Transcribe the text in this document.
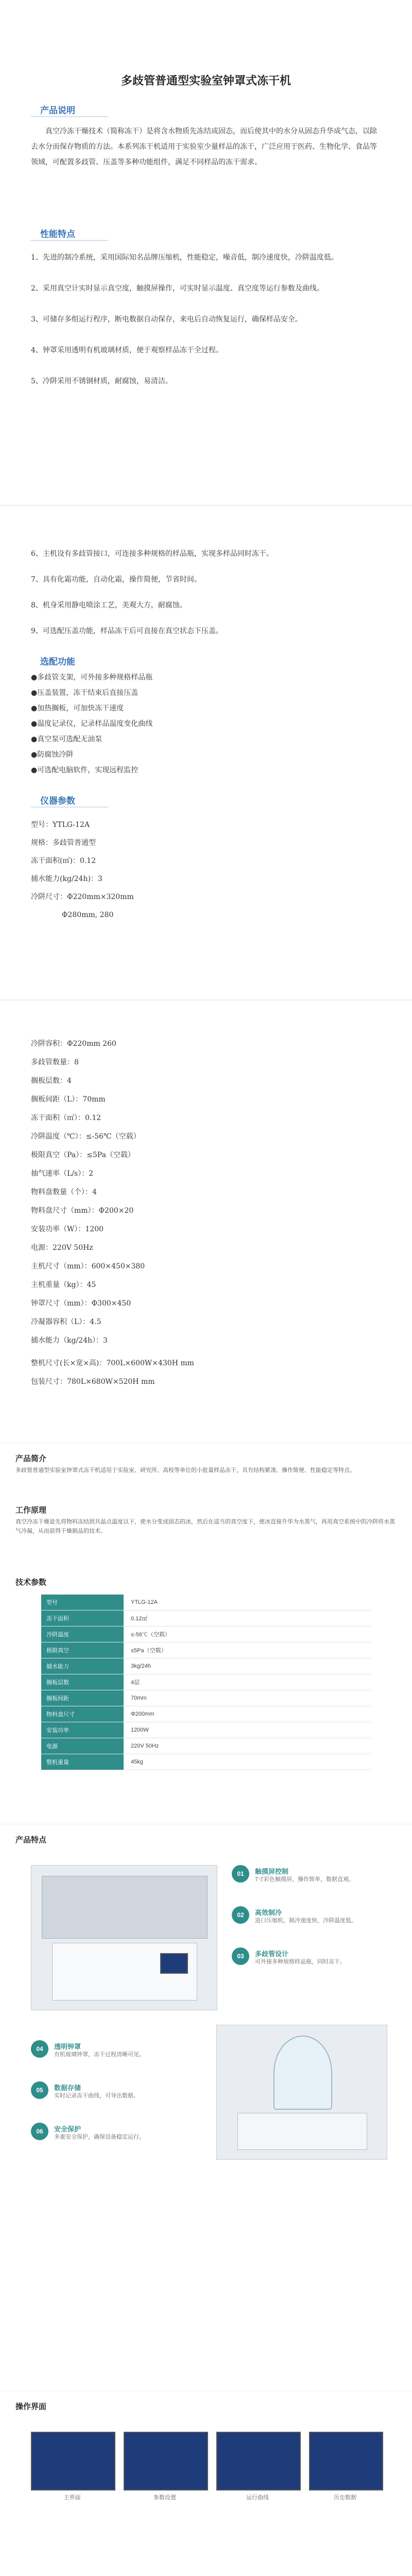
多歧管普通型实验室钟罩式冻干机
产品说明
真空冷冻干燥技术（简称冻干）是将含水物质先冻结成固态，而后使其中的水分从固态升华成气态，以除去水分而保存物质的方法。本系列冻干机适用于实验室少量样品的冻干，广泛应用于医药、生物化学、食品等领域，可配置多歧管、压盖等多种功能组件，满足不同样品的冻干需求。
性能特点
1、先进的制冷系统，采用国际知名品牌压缩机，性能稳定，噪音低，制冷速度快，冷阱温度低。
2、采用真空计实时显示真空度，触摸屏操作，可实时显示温度、真空度等运行参数及曲线。
3、可储存多组运行程序，断电数据自动保存，来电后自动恢复运行，确保样品安全。
4、钟罩采用透明有机玻璃材质，便于观察样品冻干全过程。
5、冷阱采用不锈钢材质，耐腐蚀，易清洁。
6、主机设有多歧管接口，可连接多种规格的样品瓶，实现多样品同时冻干。
7、具有化霜功能，自动化霜，操作简便，节省时间。
8、机身采用静电喷涂工艺，美观大方，耐腐蚀。
9、可选配压盖功能，样品冻干后可直接在真空状态下压盖。
选配功能
●多歧管支架，可外接多种规格样品瓶
●压盖装置，冻干结束后直接压盖
●加热搁板，可加快冻干速度
●温度记录仪，记录样品温度变化曲线
●真空泵可选配无油泵
●防腐蚀冷阱
●可选配电脑软件，实现远程监控
仪器参数
型号：YTLG-12A
规格：多歧管普通型
冻干面积(㎡)：0.12
捕水能力(kg/24h)：3
冷阱尺寸：Φ220mm×320mm
Φ280mm, 280
冷阱容积：Φ220mm 260
多歧管数量：8
搁板层数：4
搁板间距（L）：70mm
冻干面积（㎡）：0.12
冷阱温度（℃）：≤-56℃（空载）
极限真空（Pa）：≤5Pa（空载）
抽气速率（L/s）：2
物料盘数量（个）：4
物料盘尺寸（mm）：Φ200×20
安装功率（W）：1200
电源：220V 50Hz
主机尺寸（mm）：600×450×380
主机重量（kg）：45
钟罩尺寸（mm）：Φ300×450
冷凝器容积（L）：4.5
捕水能力（kg/24h）：3
整机尺寸(长×宽×高)：700L×600W×430H mm
包装尺寸：780L×680W×520H mm
产品简介
多歧管普通型实验室钟罩式冻干机适用于实验室、研究所、高校等单位的小批量样品冻干，具有结构紧凑、操作简便、性能稳定等特点。
工作原理
真空冷冻干燥是先将物料冻结到共晶点温度以下，使水分变成固态的冰，然后在适当的真空度下，使冰直接升华为水蒸气，再用真空系统中的冷阱将水蒸气冷凝，从而获得干燥制品的技术。
技术参数
型号	YTLG-12A
冻干面积	0.12㎡
冷阱温度	≤-56℃（空载）
极限真空	≤5Pa（空载）
捕水能力	3kg/24h
搁板层数	4层
搁板间距	70mm
物料盘尺寸	Φ200mm
安装功率	1200W
电源	220V 50Hz
整机重量	45kg
产品特点
01	触摸屏控制
7寸彩色触摸屏，操作简单，数据直观。
02	高效制冷
进口压缩机，制冷速度快，冷阱温度低。
03	多歧管设计
可外接多种规格样品瓶，同时冻干。
04	透明钟罩
有机玻璃钟罩，冻干过程清晰可见。
05	数据存储
实时记录冻干曲线，可导出数据。
06	安全保护
多重安全保护，确保设备稳定运行。
操作界面
主界面	参数设置	运行曲线	历史数据
